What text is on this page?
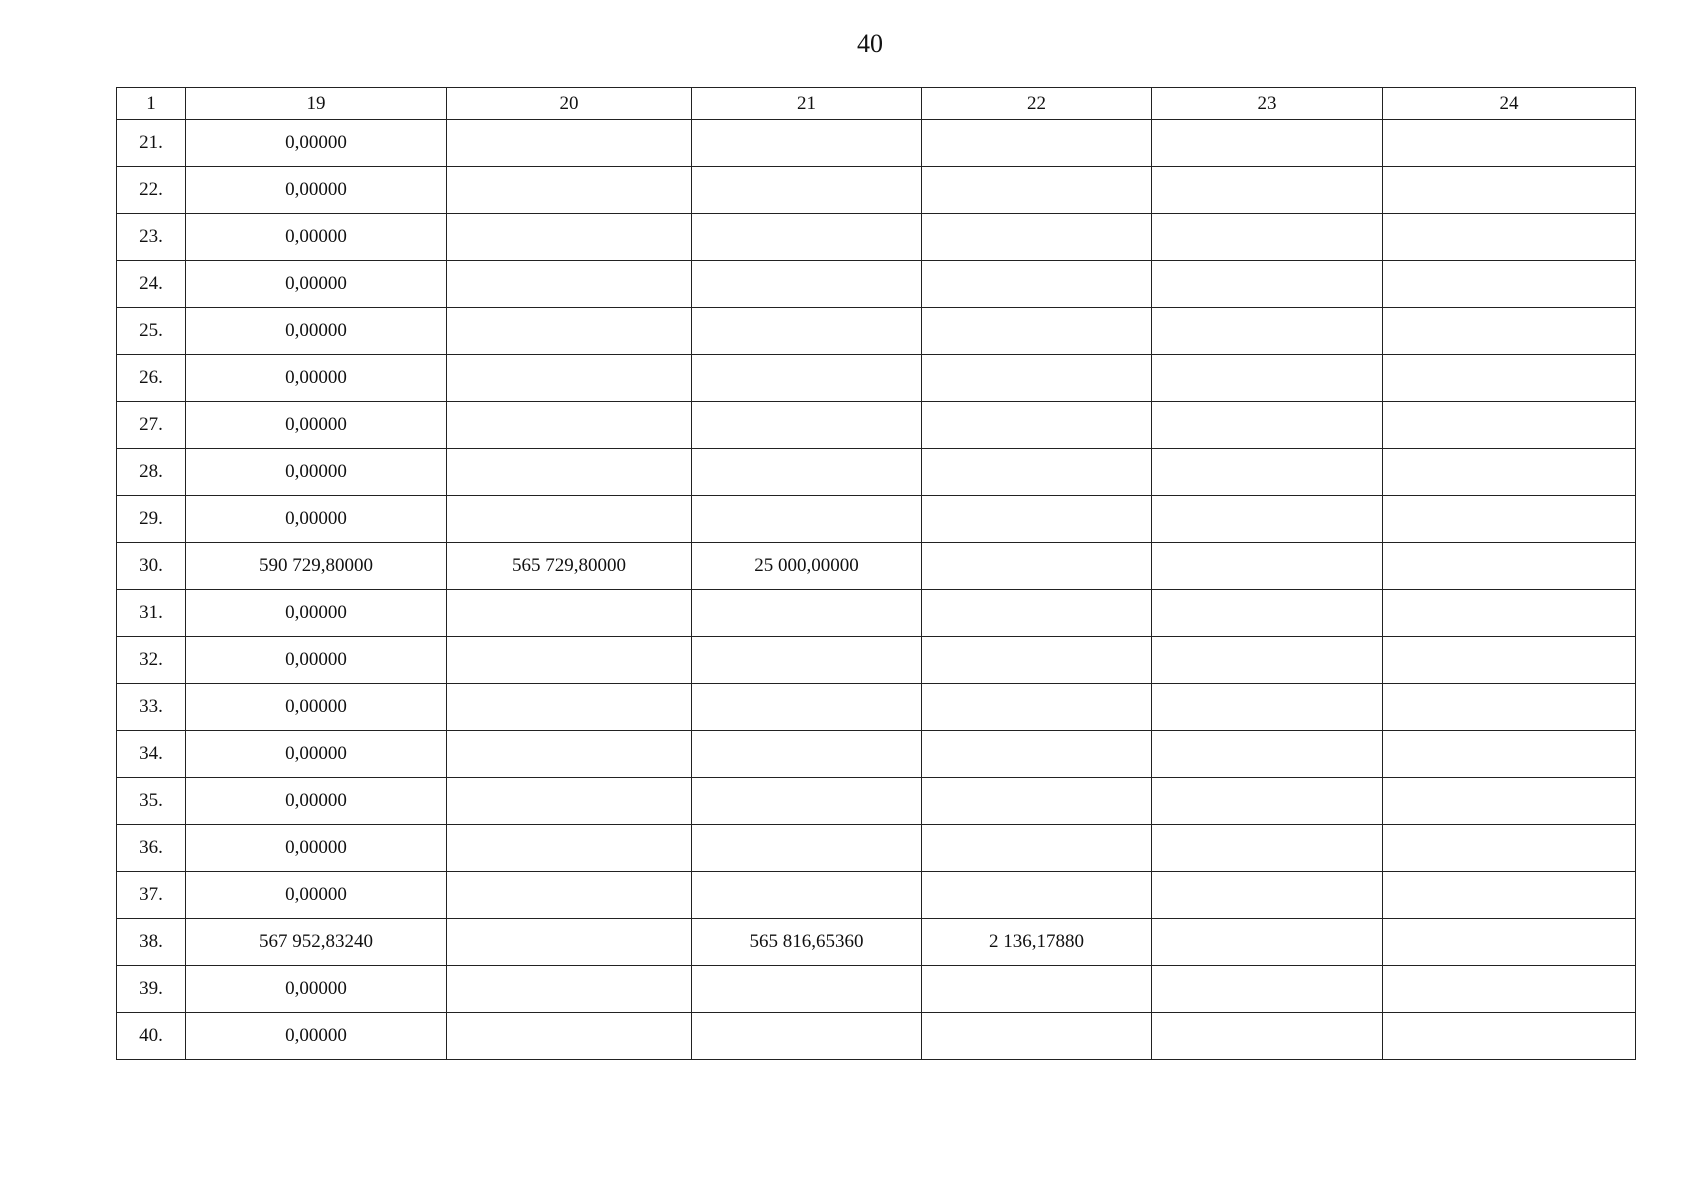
40
1	19	20	21	22	23	24
21.	0,00000					
22.	0,00000					
23.	0,00000					
24.	0,00000					
25.	0,00000					
26.	0,00000					
27.	0,00000					
28.	0,00000					
29.	0,00000					
30.	590 729,80000	565 729,80000	25 000,00000			
31.	0,00000					
32.	0,00000					
33.	0,00000					
34.	0,00000					
35.	0,00000					
36.	0,00000					
37.	0,00000					
38.	567 952,83240		565 816,65360	2 136,17880		
39.	0,00000					
40.	0,00000					
